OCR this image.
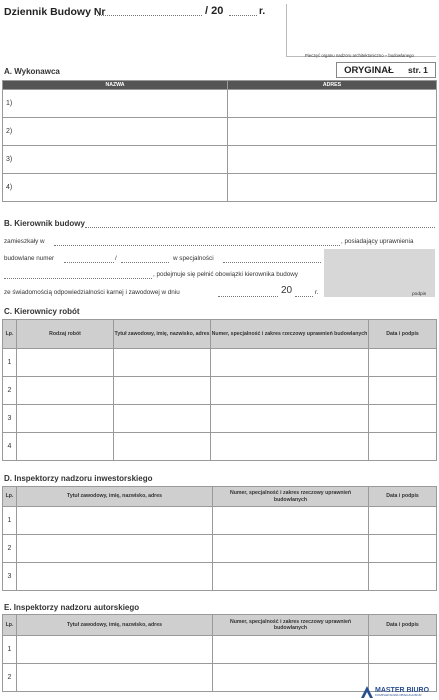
Dziennik Budowy Nr	/ 20	r.
Pieczęć organu nadzoru architektoniczno – budowlanego
ORYGINAŁ str. 1
A. Wykonawca
NAZWA	ADRES
1)	
2)	
3)	
4)	
B. Kierownik budowy
zamieszkały w	, posiadający uprawnienia
budowlane numer	/	w specjalności
, podejmuje się pełnić obowiązki kierownika budowy
ze świadomością odpowiedzialności karnej i zawodowej w dniu	20	r.	podpis
C. Kierownicy robót
Lp.	Rodzaj robót	Tytuł zawodowy, imię, nazwisko, adres	Numer, specjalność i zakres rzeczowy uprawnień budowlanych	Data i podpis
1				
2				
3				
4				
D. Inspektorzy nadzoru inwestorskiego
Lp.	Tytuł zawodowy, imię, nazwisko, adres	Numer, specjalność i zakres rzeczowy uprawnień budowlanych	Data i podpis
1			
2			
3			
E. Inspektorzy nadzoru autorskiego
Lp.	Tytuł zawodowy, imię, nazwisko, adres	Numer, specjalność i zakres rzeczowy uprawnień budowlanych	Data i podpis
1			
2			
MASTER BIURO
KOMPLEKSOWA OBSŁUGA BIUR
